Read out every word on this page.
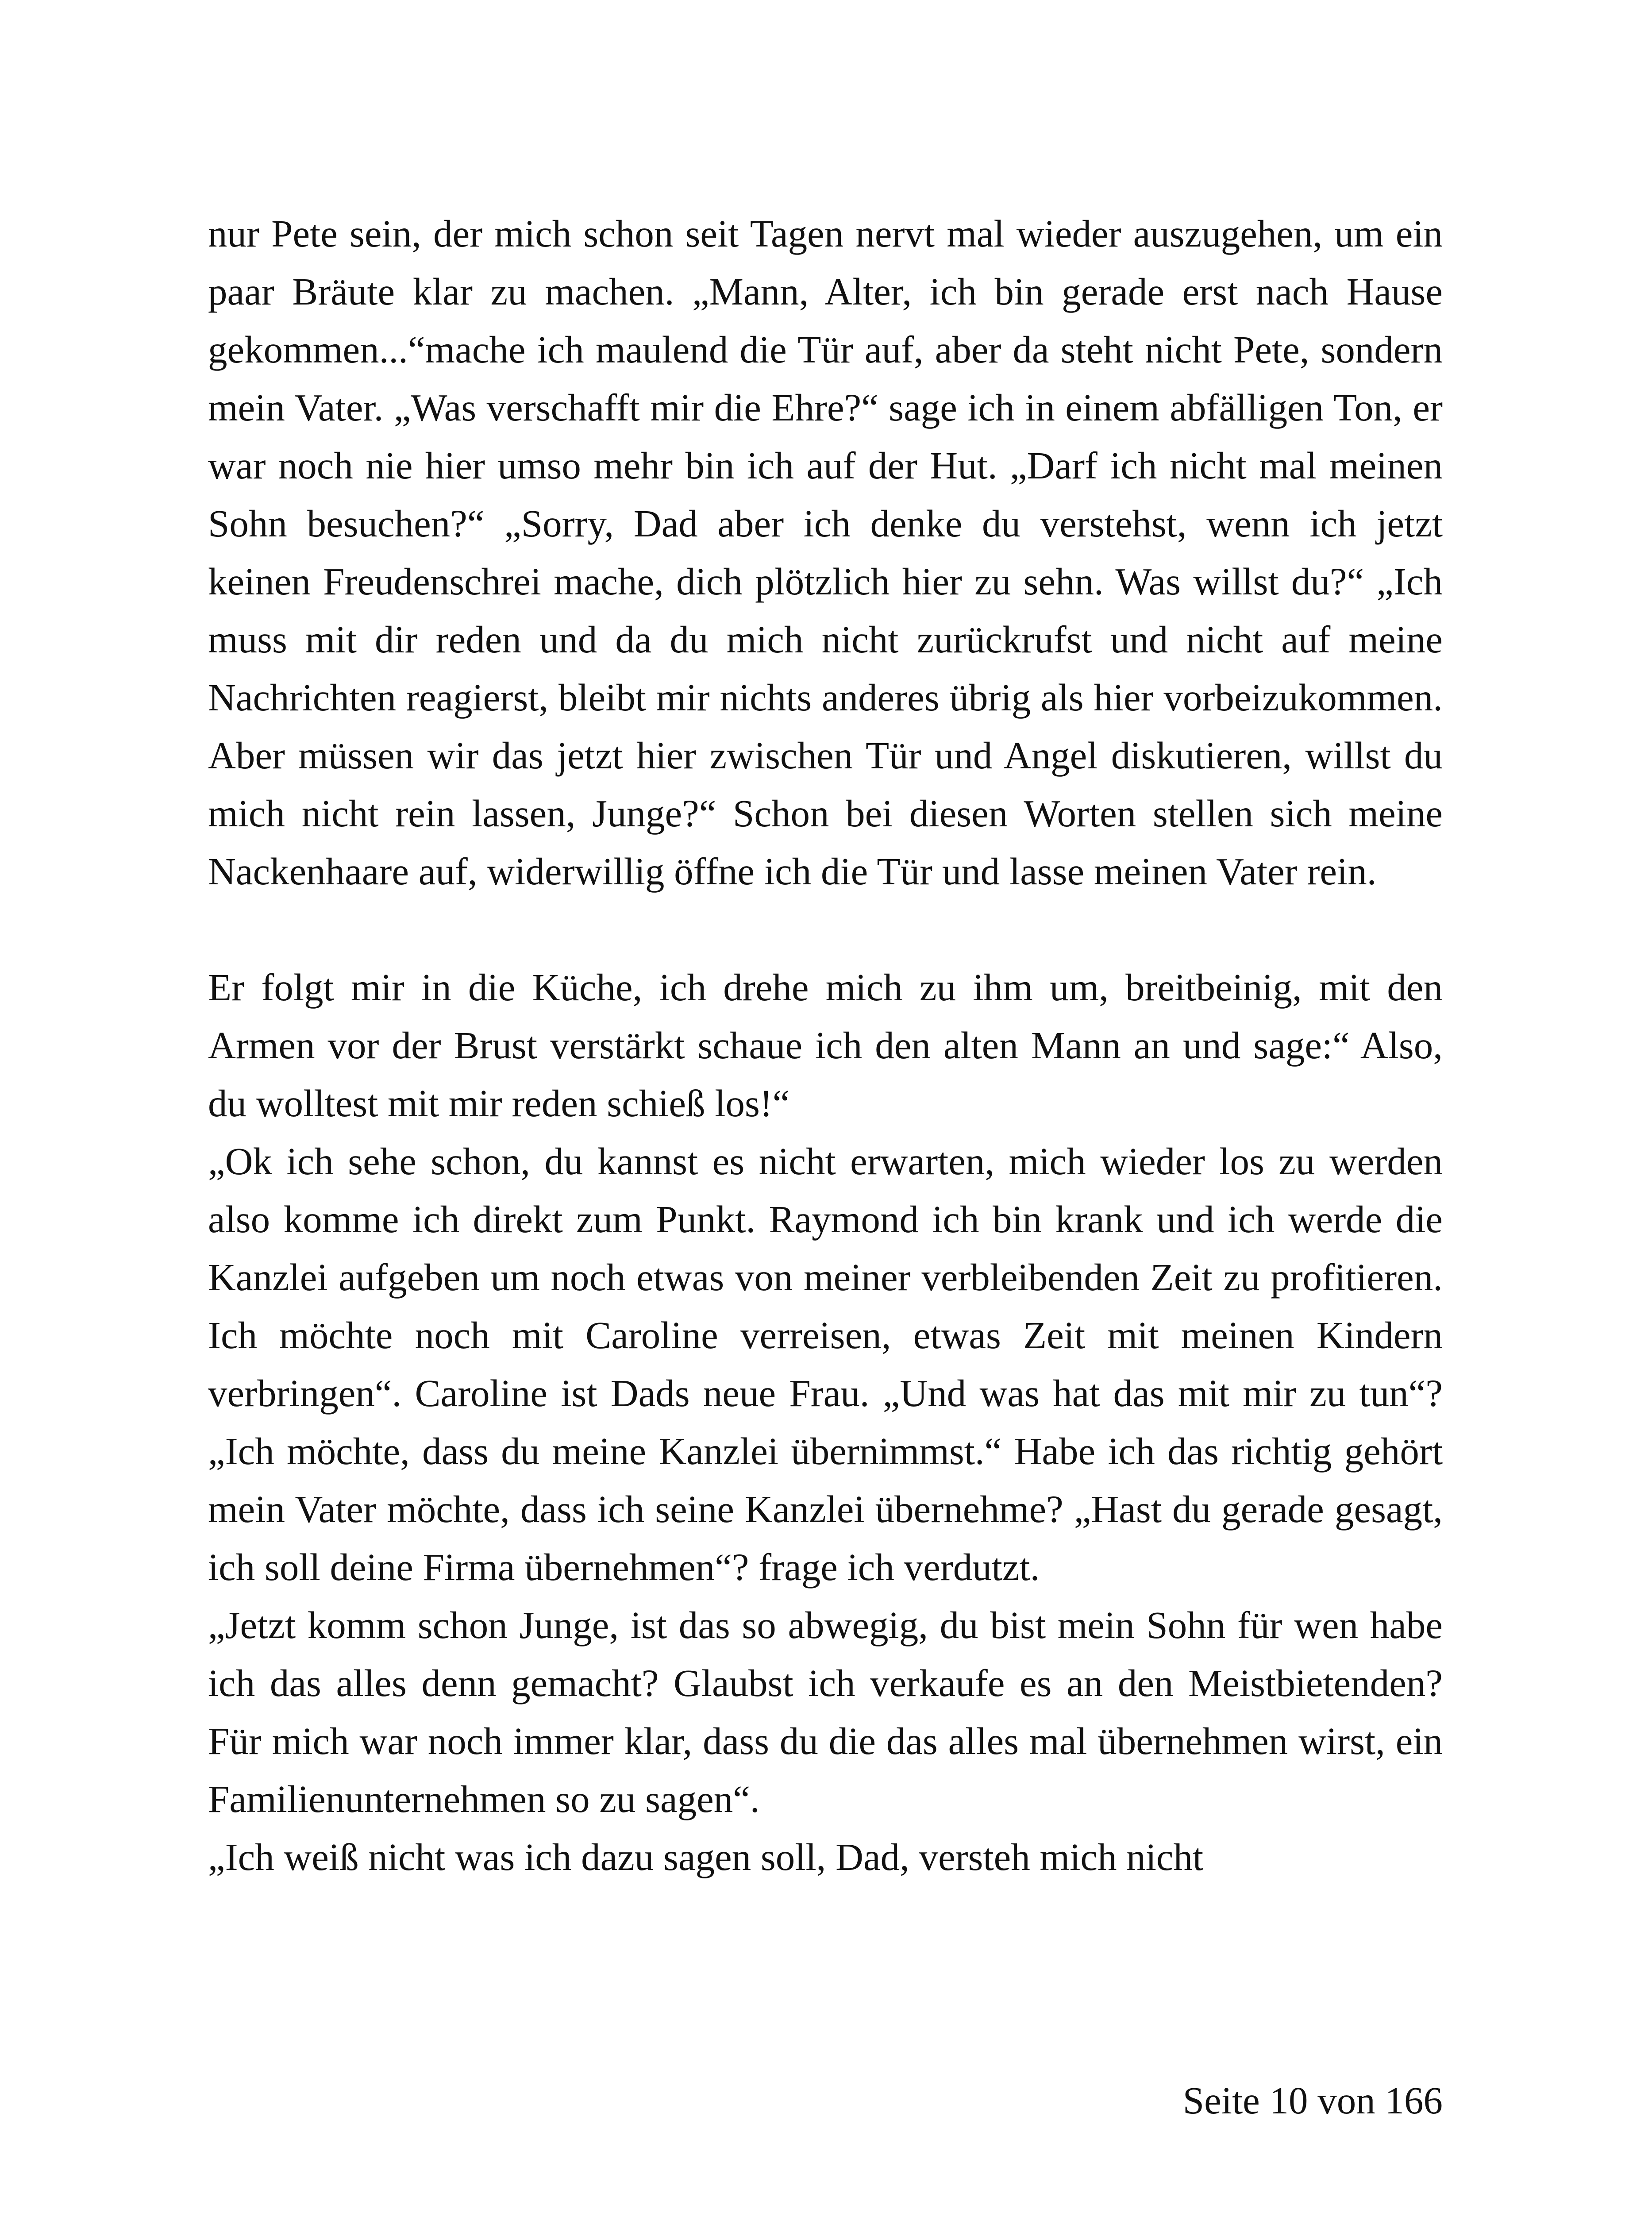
nur Pete sein, der mich schon seit Tagen nervt mal wieder auszugehen, um ein paar Bräute klar zu machen. „Mann, Alter, ich bin gerade erst nach Hause gekommen...“mache ich maulend die Tür auf, aber da steht nicht Pete, sondern mein Vater. „Was verschafft mir die Ehre?“ sage ich in einem abfälligen Ton, er war noch nie hier umso mehr bin ich auf der Hut. „Darf ich nicht mal meinen Sohn besuchen?“ „Sorry, Dad aber ich denke du verstehst, wenn ich jetzt keinen Freudenschrei mache, dich plötzlich hier zu sehn. Was willst du?“ „Ich muss mit dir reden und da du mich nicht zurückrufst und nicht auf meine Nachrichten reagierst, bleibt mir nichts anderes übrig als hier vorbeizukommen. Aber müssen wir das jetzt hier zwischen Tür und Angel diskutieren, willst du mich nicht rein lassen, Junge?“ Schon bei diesen Worten stellen sich meine Nackenhaare auf, widerwillig öffne ich die Tür und lasse meinen Vater rein.

Er folgt mir in die Küche, ich drehe mich zu ihm um, breitbeinig, mit den Armen vor der Brust verstärkt schaue ich den alten Mann an und sage:“ Also, du wolltest mit mir reden schieß los!“

„Ok ich sehe schon, du kannst es nicht erwarten, mich wieder los zu werden also komme ich direkt zum Punkt. Raymond ich bin krank und ich werde die Kanzlei aufgeben um noch etwas von meiner verbleibenden Zeit zu profitieren. Ich möchte noch mit Caroline verreisen, etwas Zeit mit meinen Kindern verbringen“. Caroline ist Dads neue Frau. „Und was hat das mit mir zu tun“? „Ich möchte, dass du meine Kanzlei übernimmst.“ Habe ich das richtig gehört mein Vater möchte, dass ich seine Kanzlei übernehme? „Hast du gerade gesagt, ich soll deine Firma übernehmen“? frage ich verdutzt.

„Jetzt komm schon Junge, ist das so abwegig, du bist mein Sohn für wen habe ich das alles denn gemacht? Glaubst ich verkaufe es an den Meistbietenden? Für mich war noch immer klar, dass du die das alles mal übernehmen wirst, ein Familienunternehmen so zu sagen“.

„Ich weiß nicht was ich dazu sagen soll, Dad, versteh mich nicht

Seite 10 von 166
